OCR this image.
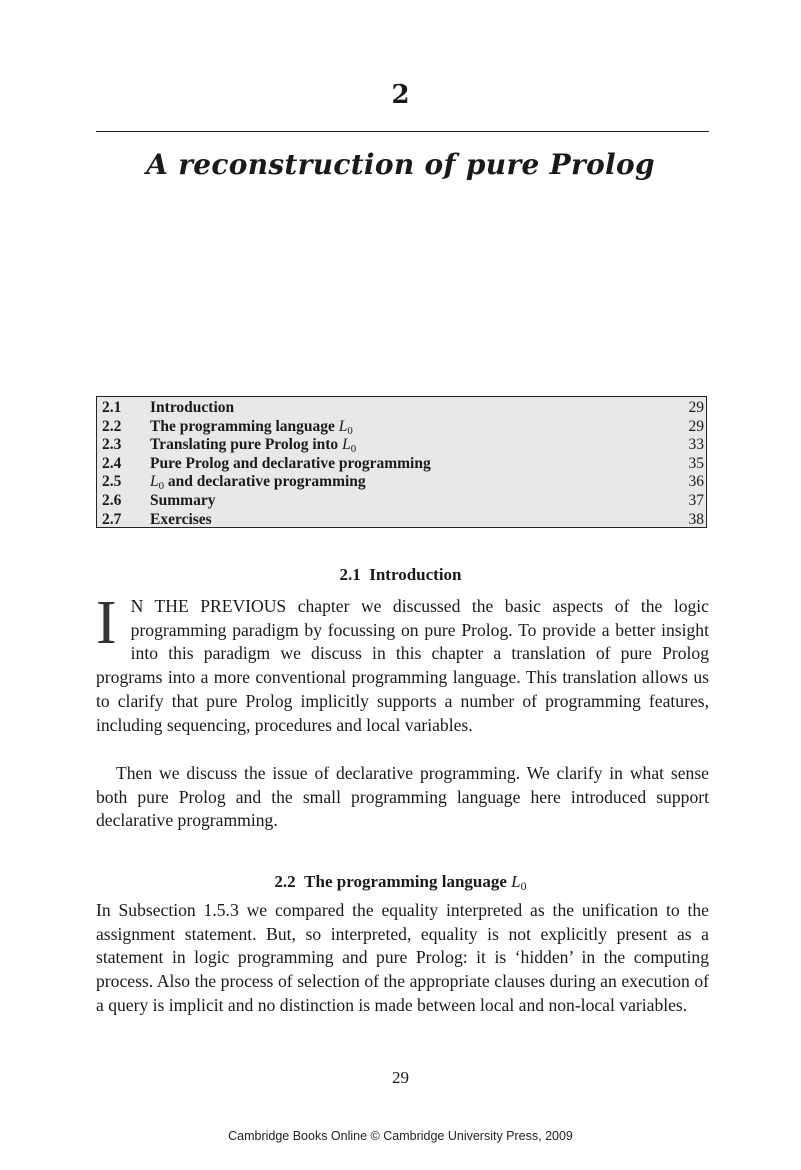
2
A reconstruction of pure Prolog
2.1	Introduction	29
2.2	The programming language $L_0$	29
2.3	Translating pure Prolog into $L_0$	33
2.4	Pure Prolog and declarative programming	35
2.5	$L_0$ and declarative programming	36
2.6	Summary	37
2.7	Exercises	38
2.1 Introduction

I N THE PREVIOUS chapter we discussed the basic aspects of the logic programming paradigm by focussing on pure Prolog. To provide a better insight into this paradigm we discuss in this chapter a translation of pure Prolog programs into a more conventional programming language. This translation allows us to clarify that pure Prolog implicitly supports a number of programming features, including sequencing, procedures and local variables.

Then we discuss the issue of declarative programming. We clarify in what sense both pure Prolog and the small programming language here introduced support declarative programming.

2.2 The programming language $L_0$

In Subsection 1.5.3 we compared the equality interpreted as the unification to the assignment statement. But, so interpreted, equality is not explicitly present as a statement in logic programming and pure Prolog: it is ‘hidden’ in the computing process. Also the process of selection of the appropriate clauses during an execution of a query is implicit and no distinction is made between local and non-local variables.

29
Cambridge Books Online © Cambridge University Press, 2009
